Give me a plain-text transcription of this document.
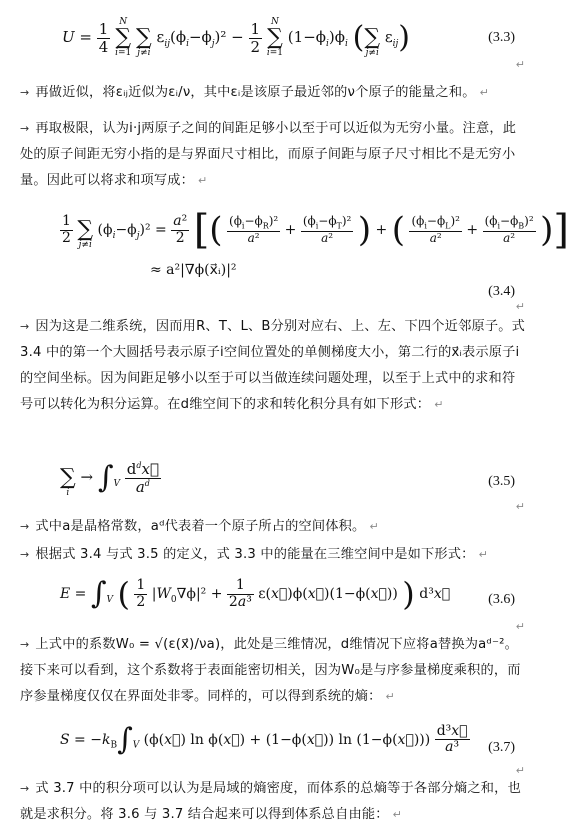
$U = \frac{1}{4}$
N
∑
i=1

∑
j≠i
$\varepsilon_{ij}(\phi_i-\phi_j)^2 - \frac{1}{2}$
N
∑
i=1
$(1-\phi_i)\phi_i$ (
∑
j≠i
$\varepsilon_{ij}$)	(3.3)
↵
→ 再做近似，将εᵢⱼ近似为εᵢ/ν，其中εᵢ是该原子最近邻的ν个原子的能量之和。 ↵
→ 再取极限，认为i·j两原子之间的间距足够小以至于可以近似为无穷小量。注意，此处的原子间距无穷小指的是与界面尺寸相比，而原子间距与原子尺寸相比不是无穷小量。因此可以将求和项写成： ↵
$\frac{1}{2}$

∑
j≠i
$(\phi_i-\phi_j)^2 = \frac{\text{a²}}{2}$ [( $\frac{(\phi_i-\phi_R)^2}{\text{a²}} + \frac{(\phi_i-\phi_T)^2}{\text{a²}}$ ) + ( $\frac{(\phi_i-\phi_L)^2}{\text{a²}} + \frac{(\phi_i-\phi_B)^2}{\text{a²}}$ )]
≈ a²|∇ϕ(x⃗ᵢ)|²
(3.4)
↵
→ 因为这是二维系统，因而用R、T、L、B分别对应右、上、左、下四个近邻原子。式 3.4 中的第一个大圆括号表示原子i空间位置处的单侧梯度大小，第二行的x⃗ᵢ表示原子i的空间坐标。因为间距足够小以至于可以当做连续问题处理，以至于上式中的求和符号可以转化为积分运算。在d维空间下的求和转化积分具有如下形式： ↵

∑
i
→ $\int_V \frac{d^dx⃗}{a^d}$	(3.5)
↵
→ 式中a是晶格常数，aᵈ代表着一个原子所占的空间体积。 ↵
→ 根据式 3.4 与式 3.5 的定义，式 3.3 中的能量在三维空间中是如下形式： ↵
$E = \int_V$ ( $\frac{1}{2} |W_0\nabla\phi|^2 + \frac{1}{\text{2a³}}$ ε(x⃗)ϕ(x⃗)(1−ϕ(x⃗)) ) d³x⃗	(3.6)
↵
→ 上式中的系数W₀ = √(ε(x⃗)/νa)，此处是三维情况，d维情况下应将a替换为aᵈ⁻²。接下来可以看到，这个系数将于表面能密切相关，因为W₀是与序参量梯度乘积的，而序参量梯度仅仅在界面处非零。同样的，可以得到系统的熵： ↵
$S = -k_B\int_V$ (ϕ(x⃗) ln ϕ(x⃗) + (1−ϕ(x⃗)) ln (1−ϕ(x⃗))) $\frac{\text{d³x⃗}}{\text{a³}} (3.7)$
↵
→ 式 3.7 中的积分项可以认为是局域的熵密度，而体系的总熵等于各部分熵之和，也就是求积分。将 3.6 与 3.7 结合起来可以得到体系总自由能： ↵
